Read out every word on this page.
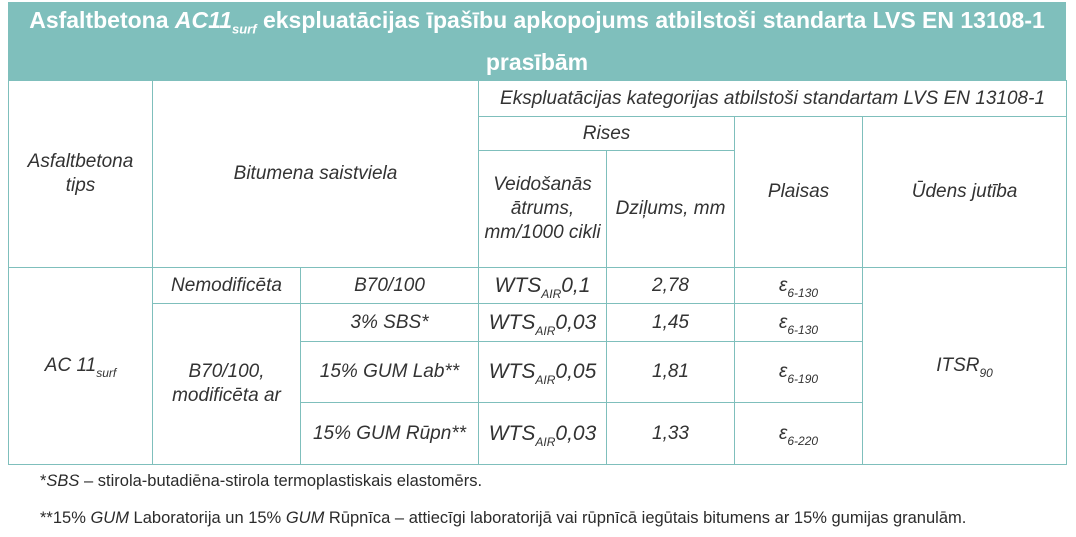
Asfaltbetona $AC11_{surf}$ ekspluatācijas īpašību apkopojums atbilstoši standarta LVS EN 13108-1 prasībām
Asfaltbetona tips	Bitumena saistviela		Ekspluatācijas kategorijas atbilstoši standartam LVS EN 13108-1			
			Rises		Plaisas	Ūdens jutība
			Veidošanās ātrums, mm/1000 cikli	Dziļums, mm		
AC $11_{surf}$	Nemodificēta	B70/100	$WTS_{AIR}0,1$	2,78	$\varepsilon_{6-130}$	$ITSR_{90}$
	B70/100, modificēta ar	3% SBS*	$WTS_{AIR}0,03$	1,45	$\varepsilon_{6-130}$
		15% GUM Lab**	$WTS_{AIR}0,05$	1,81	$\varepsilon_{6-190}$
		15% GUM Rūpn**	$WTS_{AIR}0,03$	1,33	$\varepsilon_{6-220}$
*SBS – stirola-butadiēna-stirola termoplastiskais elastomērs.
**15% GUM Laboratorija un 15% GUM Rūpnīca – attiecīgi laboratorijā vai rūpnīcā iegūtais bitumens ar 15% gumijas granulām.
